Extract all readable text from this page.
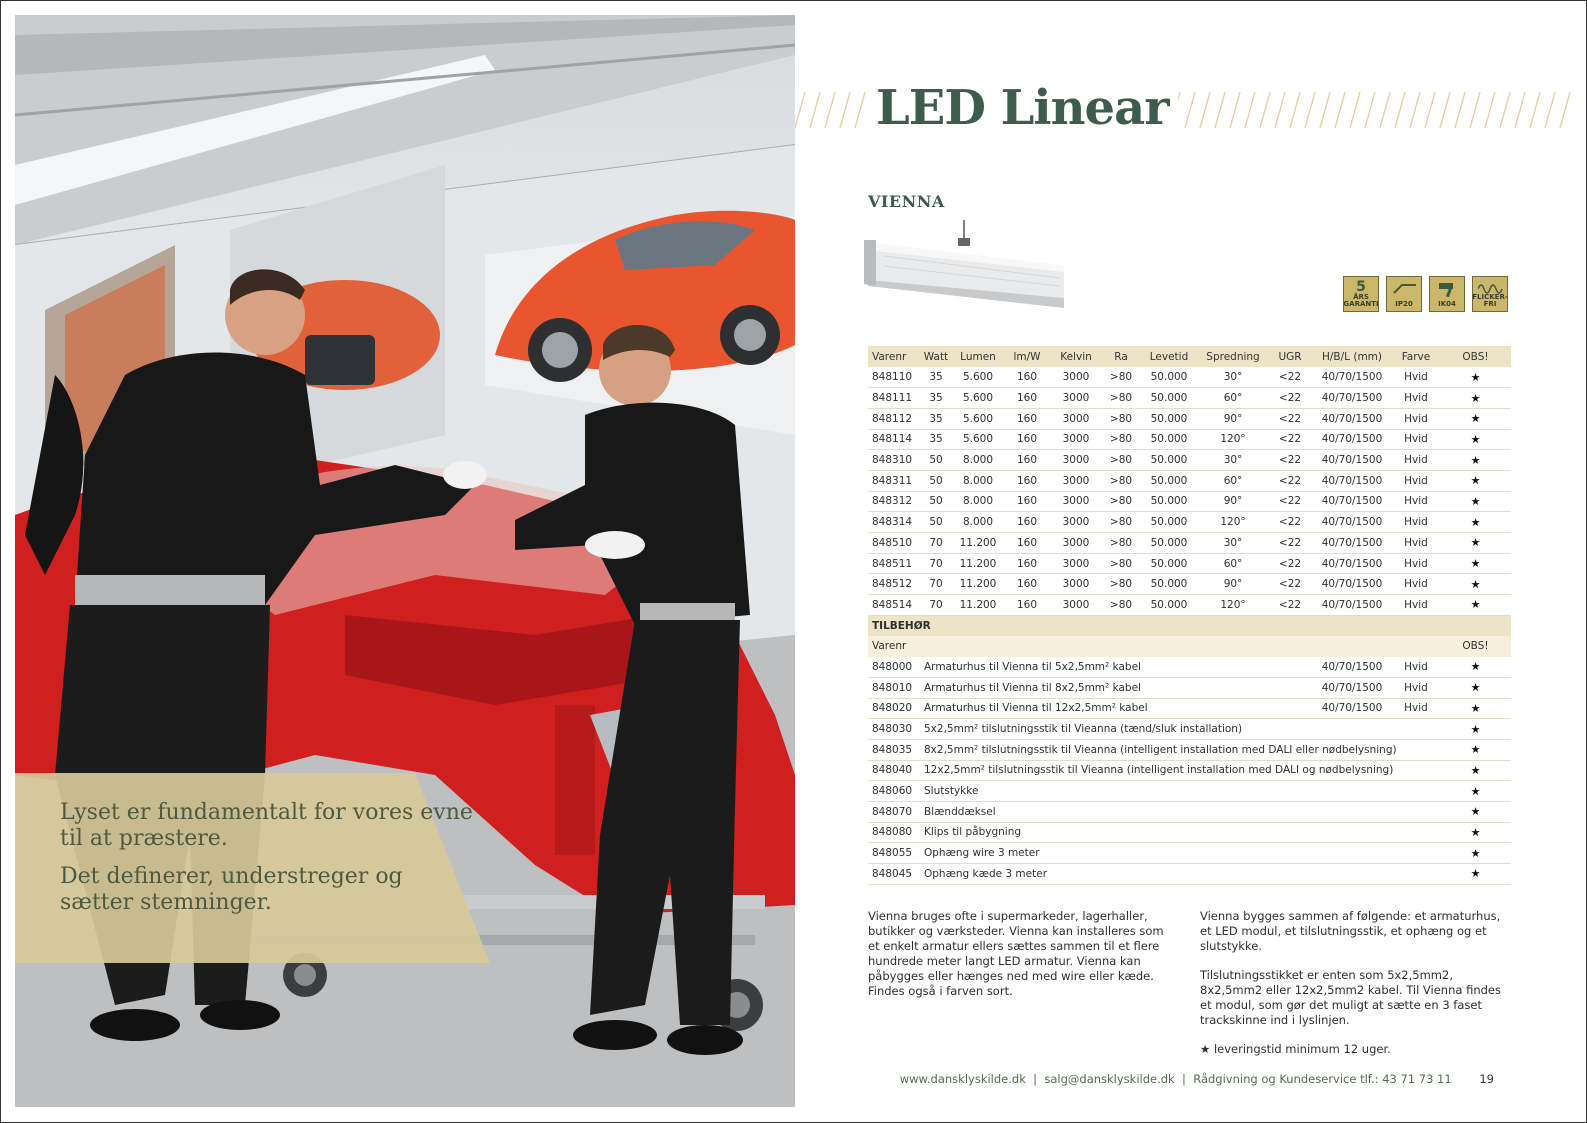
Lyset er fundamentalt for vores evne til at præstere.

Det definerer, understreger og sætter stemninger.

LED Linear
VIENNA
5
ÅRS GARANTI IP20	IK04
FLICKER-FRI
Varenr	Watt	Lumen	lm/W	Kelvin	Ra	Levetid	Spredning	UGR	H/B/L (mm)	Farve	OBS!
848110	35	5.600	160	3000	>80	50.000	30°	<22	40/70/1500	Hvid	★
848111	35	5.600	160	3000	>80	50.000	60°	<22	40/70/1500	Hvid	★
848112	35	5.600	160	3000	>80	50.000	90°	<22	40/70/1500	Hvid	★
848114	35	5.600	160	3000	>80	50.000	120°	<22	40/70/1500	Hvid	★
848310	50	8.000	160	3000	>80	50.000	30°	<22	40/70/1500	Hvid	★
848311	50	8.000	160	3000	>80	50.000	60°	<22	40/70/1500	Hvid	★
848312	50	8.000	160	3000	>80	50.000	90°	<22	40/70/1500	Hvid	★
848314	50	8.000	160	3000	>80	50.000	120°	<22	40/70/1500	Hvid	★
848510	70	11.200	160	3000	>80	50.000	30°	<22	40/70/1500	Hvid	★
848511	70	11.200	160	3000	>80	50.000	60°	<22	40/70/1500	Hvid	★
848512	70	11.200	160	3000	>80	50.000	90°	<22	40/70/1500	Hvid	★
848514	70	11.200	160	3000	>80	50.000	120°	<22	40/70/1500	Hvid	★
TILBEHØR											
Varenr											OBS!
848000	Armaturhus til Vienna til 5x2,5mm² kabel								40/70/1500	Hvid	★
848010	Armaturhus til Vienna til 8x2,5mm² kabel								40/70/1500	Hvid	★
848020	Armaturhus til Vienna til 12x2,5mm² kabel								40/70/1500	Hvid	★
848030	5x2,5mm² tilslutningsstik til Vieanna (tænd/sluk installation)										★
848035	8x2,5mm² tilslutningsstik til Vieanna (intelligent installation med DALI eller nødbelysning)										★
848040	12x2,5mm² tilslutningsstik til Vieanna (intelligent installation med DALI og nødbelysning)										★
848060	Slutstykke										★
848070	Blænddæksel										★
848080	Klips til påbygning										★
848055	Ophæng wire 3 meter										★
848045	Ophæng kæde 3 meter										★

Vienna bruges ofte i supermarkeder, lagerhaller, butikker og værksteder. Vienna kan installeres som et enkelt armatur ellers sættes sammen til et flere hundrede meter langt LED armatur. Vienna kan påbygges eller hænges ned med wire eller kæde. Findes også i farven sort.

Vienna bygges sammen af følgende: et armaturhus, et LED modul, et tilslutningsstik, et ophæng og et slutstykke.

Tilslutningsstikket er enten som 5x2,5mm2, 8x2,5mm2 eller 12x2,5mm2 kabel. Til Vienna findes et modul, som gør det muligt at sætte en 3 faset trackskinne ind i lyslinjen.

★ leveringstid minimum 12 uger.

www.dansklyskilde.dk  |  salg@dansklyskilde.dk  |  Rådgivning og Kundeservice tlf.: 43 71 73 11 19
